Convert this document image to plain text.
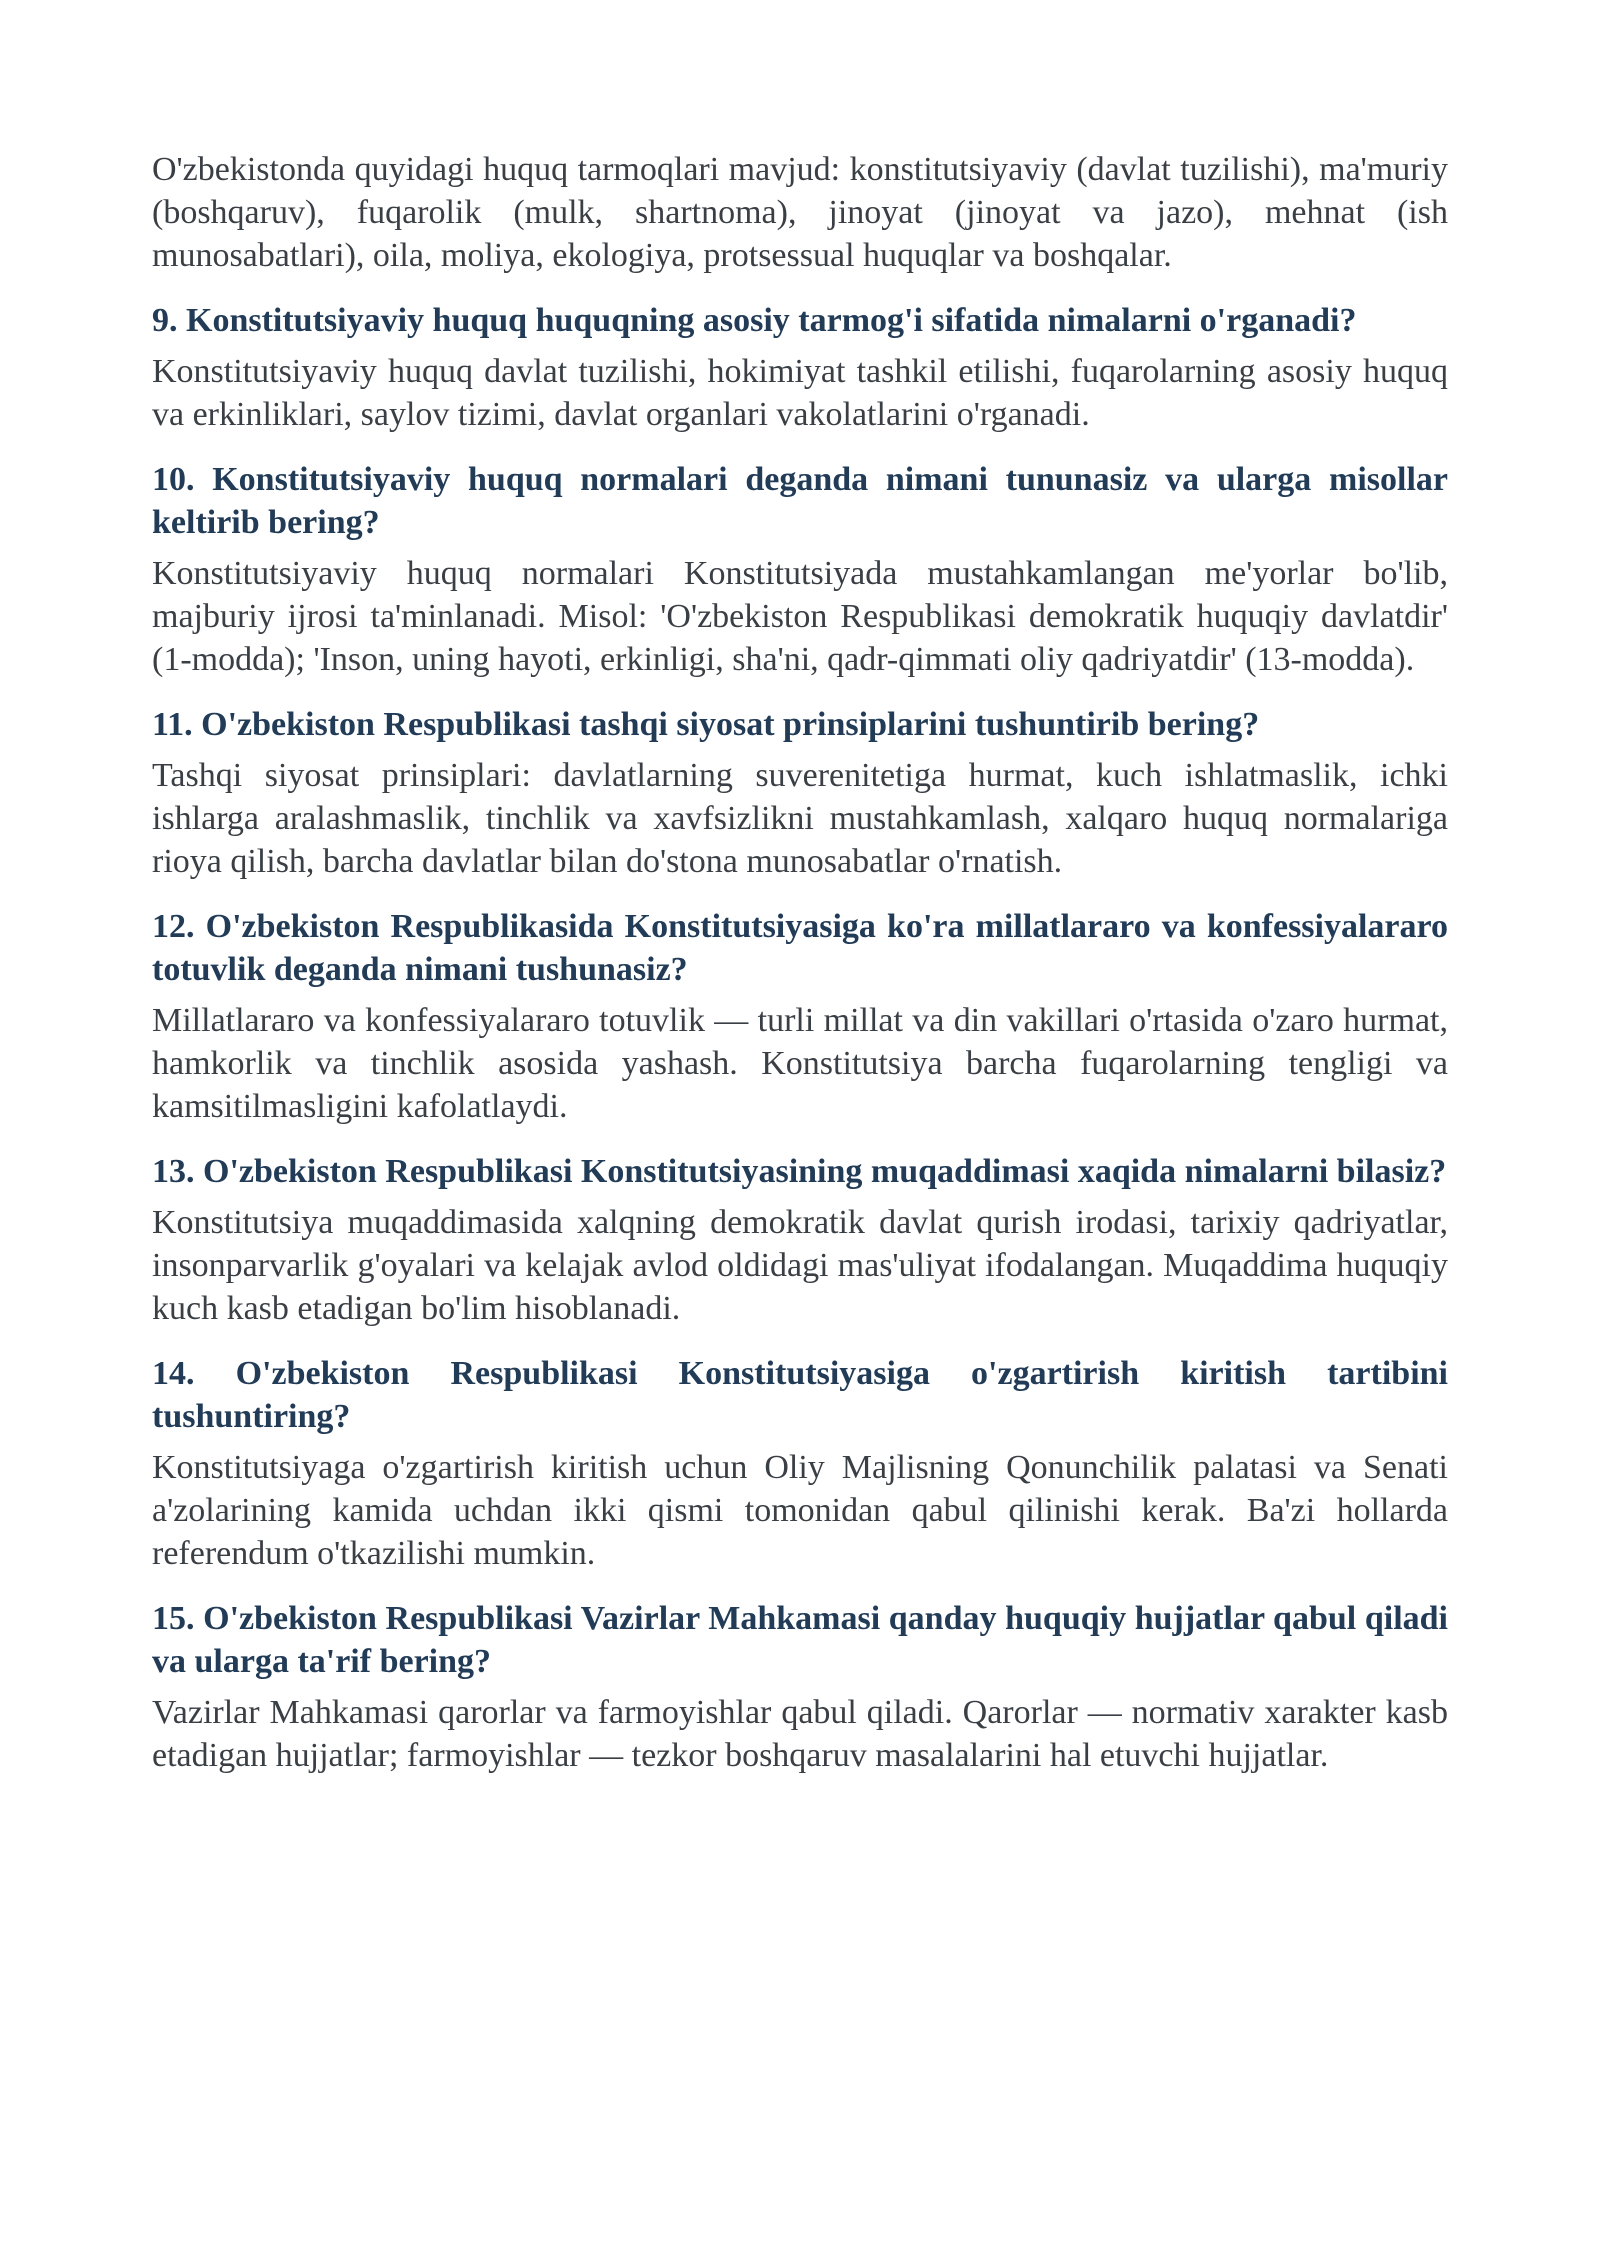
O'zbekistonda quyidagi huquq tarmoqlari mavjud: konstitutsiyaviy (davlat tuzilishi), ma'muriy (boshqaruv), fuqarolik (mulk, shartnoma), jinoyat (jinoyat va jazo), mehnat (ish munosabatlari), oila, moliya, ekologiya, protsessual huquqlar va boshqalar.

9. Konstitutsiyaviy huquq huquqning asosiy tarmog'i sifatida nimalarni o'rganadi?

Konstitutsiyaviy huquq davlat tuzilishi, hokimiyat tashkil etilishi, fuqarolarning asosiy huquq va erkinliklari, saylov tizimi, davlat organlari vakolatlarini o'rganadi.

10. Konstitutsiyaviy huquq normalari deganda nimani tununasiz va ularga misollar keltirib bering?

Konstitutsiyaviy huquq normalari Konstitutsiyada mustahkamlangan me'yorlar bo'lib, majburiy ijrosi ta'minlanadi. Misol: 'O'zbekiston Respublikasi demokratik huquqiy davlatdir' (1-modda); 'Inson, uning hayoti, erkinligi, sha'ni, qadr-qimmati oliy qadriyatdir' (13-modda).

11. O'zbekiston Respublikasi tashqi siyosat prinsiplarini tushuntirib bering?

Tashqi siyosat prinsiplari: davlatlarning suverenitetiga hurmat, kuch ishlatmaslik, ichki ishlarga aralashmaslik, tinchlik va xavfsizlikni mustahkamlash, xalqaro huquq normalariga rioya qilish, barcha davlatlar bilan do'stona munosabatlar o'rnatish.

12. O'zbekiston Respublikasida Konstitutsiyasiga ko'ra millatlararo va konfessiyalararo totuvlik deganda nimani tushunasiz?

Millatlararo va konfessiyalararo totuvlik — turli millat va din vakillari o'rtasida o'zaro hurmat, hamkorlik va tinchlik asosida yashash. Konstitutsiya barcha fuqarolarning tengligi va kamsitilmasligini kafolatlaydi.

13. O'zbekiston Respublikasi Konstitutsiyasining muqaddimasi xaqida nimalarni bilasiz?

Konstitutsiya muqaddimasida xalqning demokratik davlat qurish irodasi, tarixiy qadriyatlar, insonparvarlik g'oyalari va kelajak avlod oldidagi mas'uliyat ifodalangan. Muqaddima huquqiy kuch kasb etadigan bo'lim hisoblanadi.

14. O'zbekiston Respublikasi Konstitutsiyasiga o'zgartirish kiritish tartibini tushuntiring?

Konstitutsiyaga o'zgartirish kiritish uchun Oliy Majlisning Qonunchilik palatasi va Senati a'zolarining kamida uchdan ikki qismi tomonidan qabul qilinishi kerak. Ba'zi hollarda referendum o'tkazilishi mumkin.

15. O'zbekiston Respublikasi Vazirlar Mahkamasi qanday huquqiy hujjatlar qabul qiladi va ularga ta'rif bering?

Vazirlar Mahkamasi qarorlar va farmoyishlar qabul qiladi. Qarorlar — normativ xarakter kasb etadigan hujjatlar; farmoyishlar — tezkor boshqaruv masalalarini hal etuvchi hujjatlar.
